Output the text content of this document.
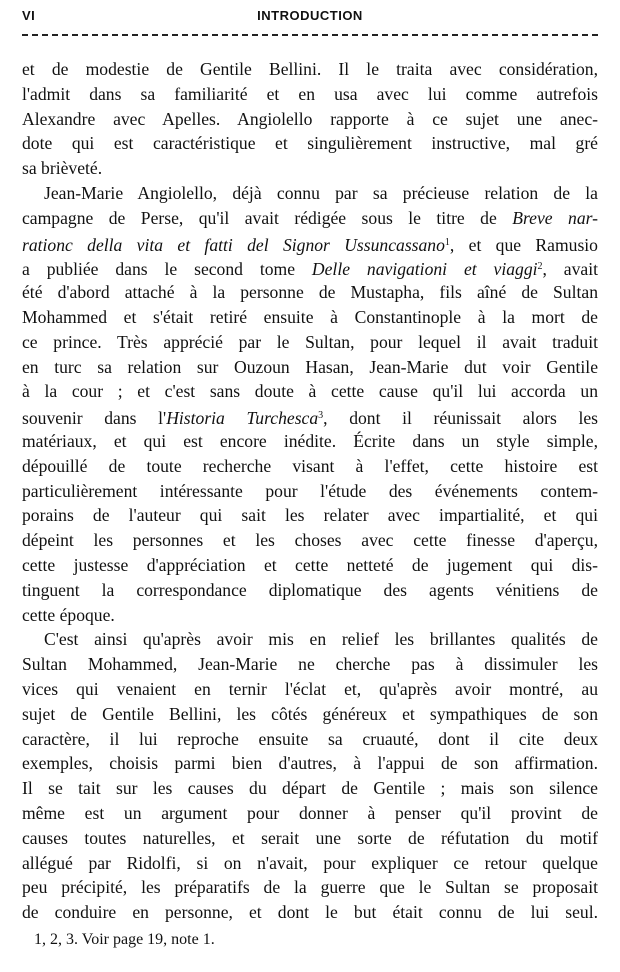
VI	INTRODUCTION
et de modestie de Gentile Bellini. Il le traita avec considération,
l'admit dans sa familiarité et en usa avec lui comme autrefois
Alexandre avec Apelles. Angiolello rapporte à ce sujet une anec-
dote qui est caractéristique et singulièrement instructive, mal gré
sa brièveté.
Jean-Marie Angiolello, déjà connu par sa précieuse relation de la
campagne de Perse, qu'il avait rédigée sous le titre de Breve nar-
rationc della vita et fatti del Signor Ussuncassano$^1$, et que Ramusio
a publiée dans le second tome Delle navigationi et viaggi$^2$, avait
été d'abord attaché à la personne de Mustapha, fils aîné de Sultan
Mohammed et s'était retiré ensuite à Constantinople à la mort de
ce prince. Très apprécié par le Sultan, pour lequel il avait traduit
en turc sa relation sur Ouzoun Hasan, Jean-Marie dut voir Gentile
à la cour ; et c'est sans doute à cette cause qu'il lui accorda un
souvenir dans l'Historia Turchesca$^3$, dont il réunissait alors les
matériaux, et qui est encore inédite. Écrite dans un style simple,
dépouillé de toute recherche visant à l'effet, cette histoire est
particulièrement intéressante pour l'étude des événements contem-
porains de l'auteur qui sait les relater avec impartialité, et qui
dépeint les personnes et les choses avec cette finesse d'aperçu,
cette justesse d'appréciation et cette netteté de jugement qui dis-
tinguent la correspondance diplomatique des agents vénitiens de
cette époque.
C'est ainsi qu'après avoir mis en relief les brillantes qualités de
Sultan Mohammed, Jean-Marie ne cherche pas à dissimuler les
vices qui venaient en ternir l'éclat et, qu'après avoir montré, au
sujet de Gentile Bellini, les côtés généreux et sympathiques de son
caractère, il lui reproche ensuite sa cruauté, dont il cite deux
exemples, choisis parmi bien d'autres, à l'appui de son affirmation.
Il se tait sur les causes du départ de Gentile ; mais son silence
même est un argument pour donner à penser qu'il provint de
causes toutes naturelles, et serait une sorte de réfutation du motif
allégué par Ridolfi, si on n'avait, pour expliquer ce retour quelque
peu précipité, les préparatifs de la guerre que le Sultan se proposait
de conduire en personne, et dont le but était connu de lui seul.
1, 2, 3. Voir page 19, note 1.
